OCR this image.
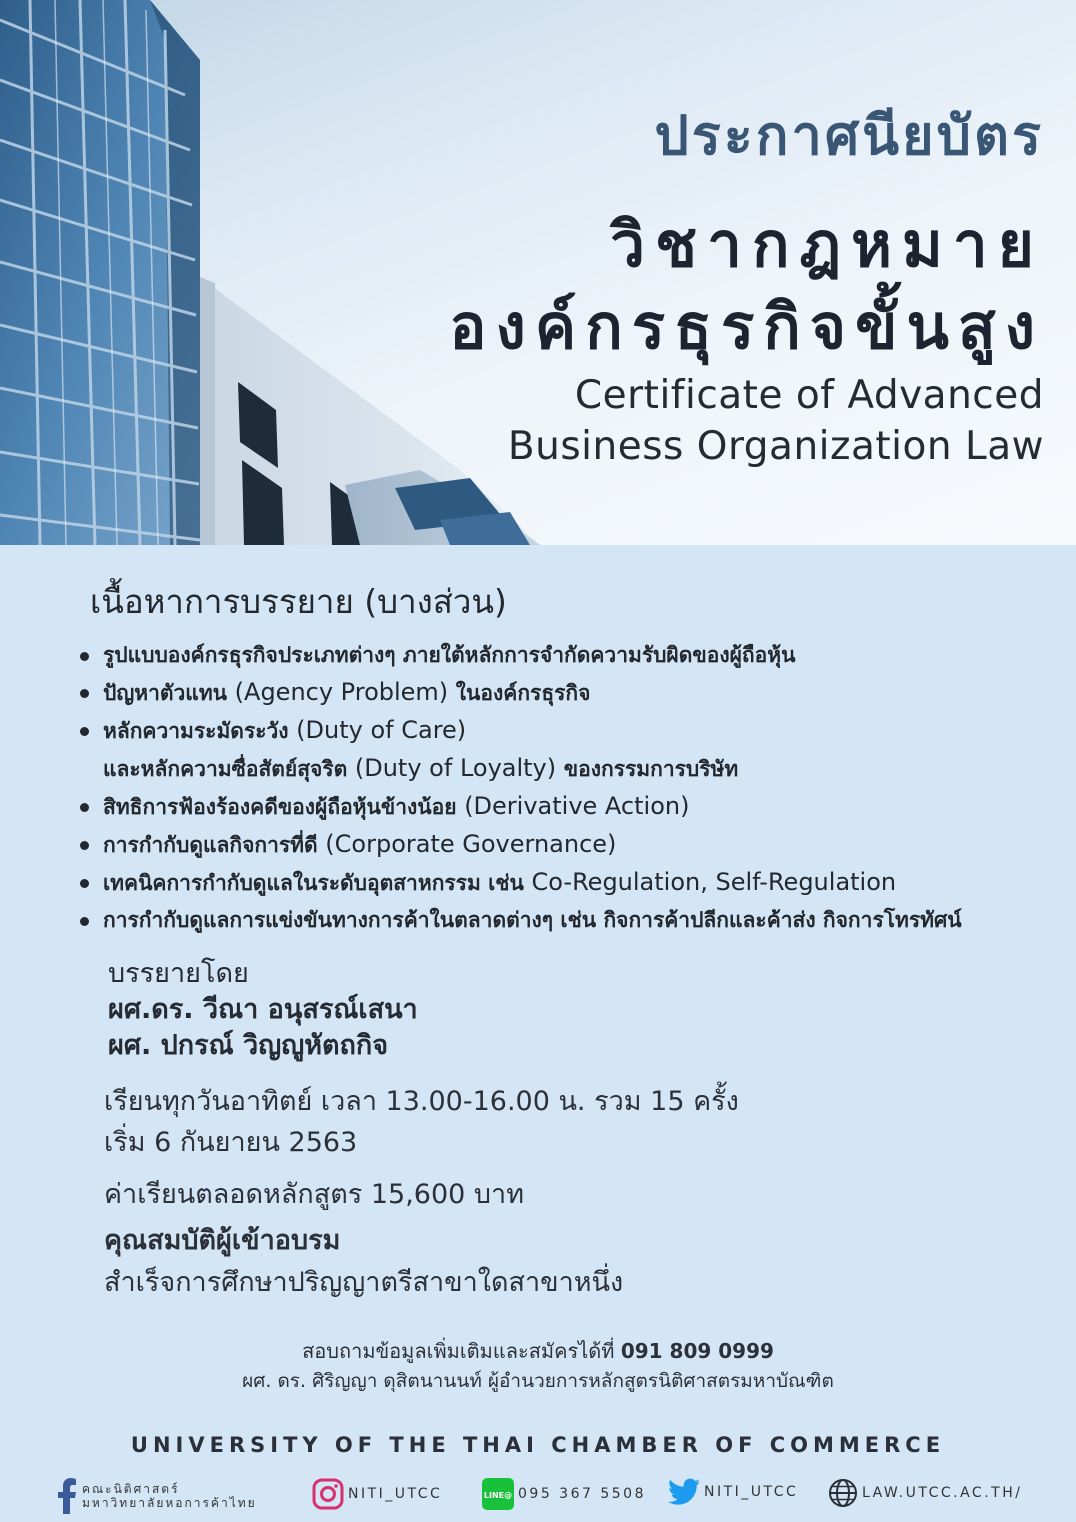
ประกาศนียบัตร

วิชากฎหมาย

องค์กรธุรกิจขั้นสูง

Certificate of Advanced

Business Organization Law

เนื้อหาการบรรยาย (บางส่วน)

รูปแบบองค์กรธุรกิจประเภทต่างๆ ภายใต้หลักการจำกัดความรับผิดของผู้ถือหุ้น
ปัญหาตัวแทน (Agency Problem) ในองค์กรธุรกิจ
หลักความระมัดระวัง (Duty of Care)
และหลักความซื่อสัตย์สุจริต (Duty of Loyalty) ของกรรมการบริษัท
สิทธิการฟ้องร้องคดีของผู้ถือหุ้นข้างน้อย (Derivative Action)
การกำกับดูแลกิจการที่ดี (Corporate Governance)
เทคนิคการกำกับดูแลในระดับอุตสาหกรรม เช่น Co-Regulation, Self-Regulation
การกำกับดูแลการแข่งขันทางการค้าในตลาดต่างๆ เช่น กิจการค้าปลีกและค้าส่ง กิจการโทรทัศน์

บรรยายโดย

ผศ.ดร. วีณา อนุสรณ์เสนา

ผศ. ปกรณ์ วิญญูหัตถกิจ

เรียนทุกวันอาทิตย์ เวลา 13.00-16.00 น. รวม 15 ครั้ง

เริ่ม 6 กันยายน 2563

ค่าเรียนตลอดหลักสูตร 15,600 บาท

คุณสมบัติผู้เข้าอบรม

สำเร็จการศึกษาปริญญาตรีสาขาใดสาขาหนึ่ง

สอบถามข้อมูลเพิ่มเติมและสมัครได้ที่ 091 809 0999

ผศ. ดร. ศิริญญา ดุสิตนานนท์ ผู้อำนวยการหลักสูตรนิติศาสตรมหาบัณฑิต

UNIVERSITY OF THE THAI CHAMBER OF COMMERCE

คณะนิติศาสตร์
มหาวิทยาลัยหอการค้าไทย
NITI_UTCC	LINE@ 095 367 5508	NITI_UTCC	LAW.UTCC.AC.TH/
